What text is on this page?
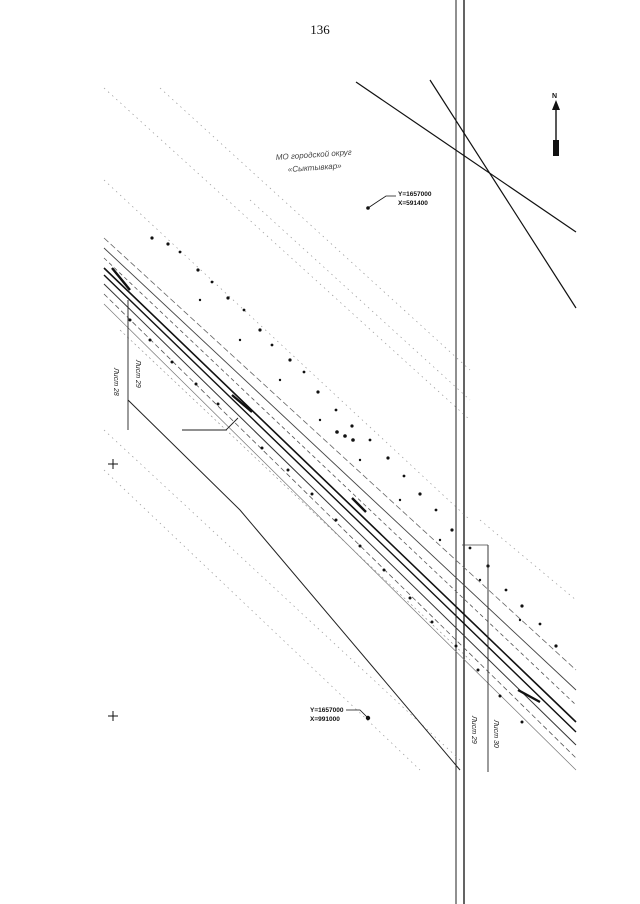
136
N
МО городской округ
«Сыктывкар»
Y=1657000
X=591400
Y=1657000
X=991000
Лист 29
Лист 28
Лист 30
Лист 29
